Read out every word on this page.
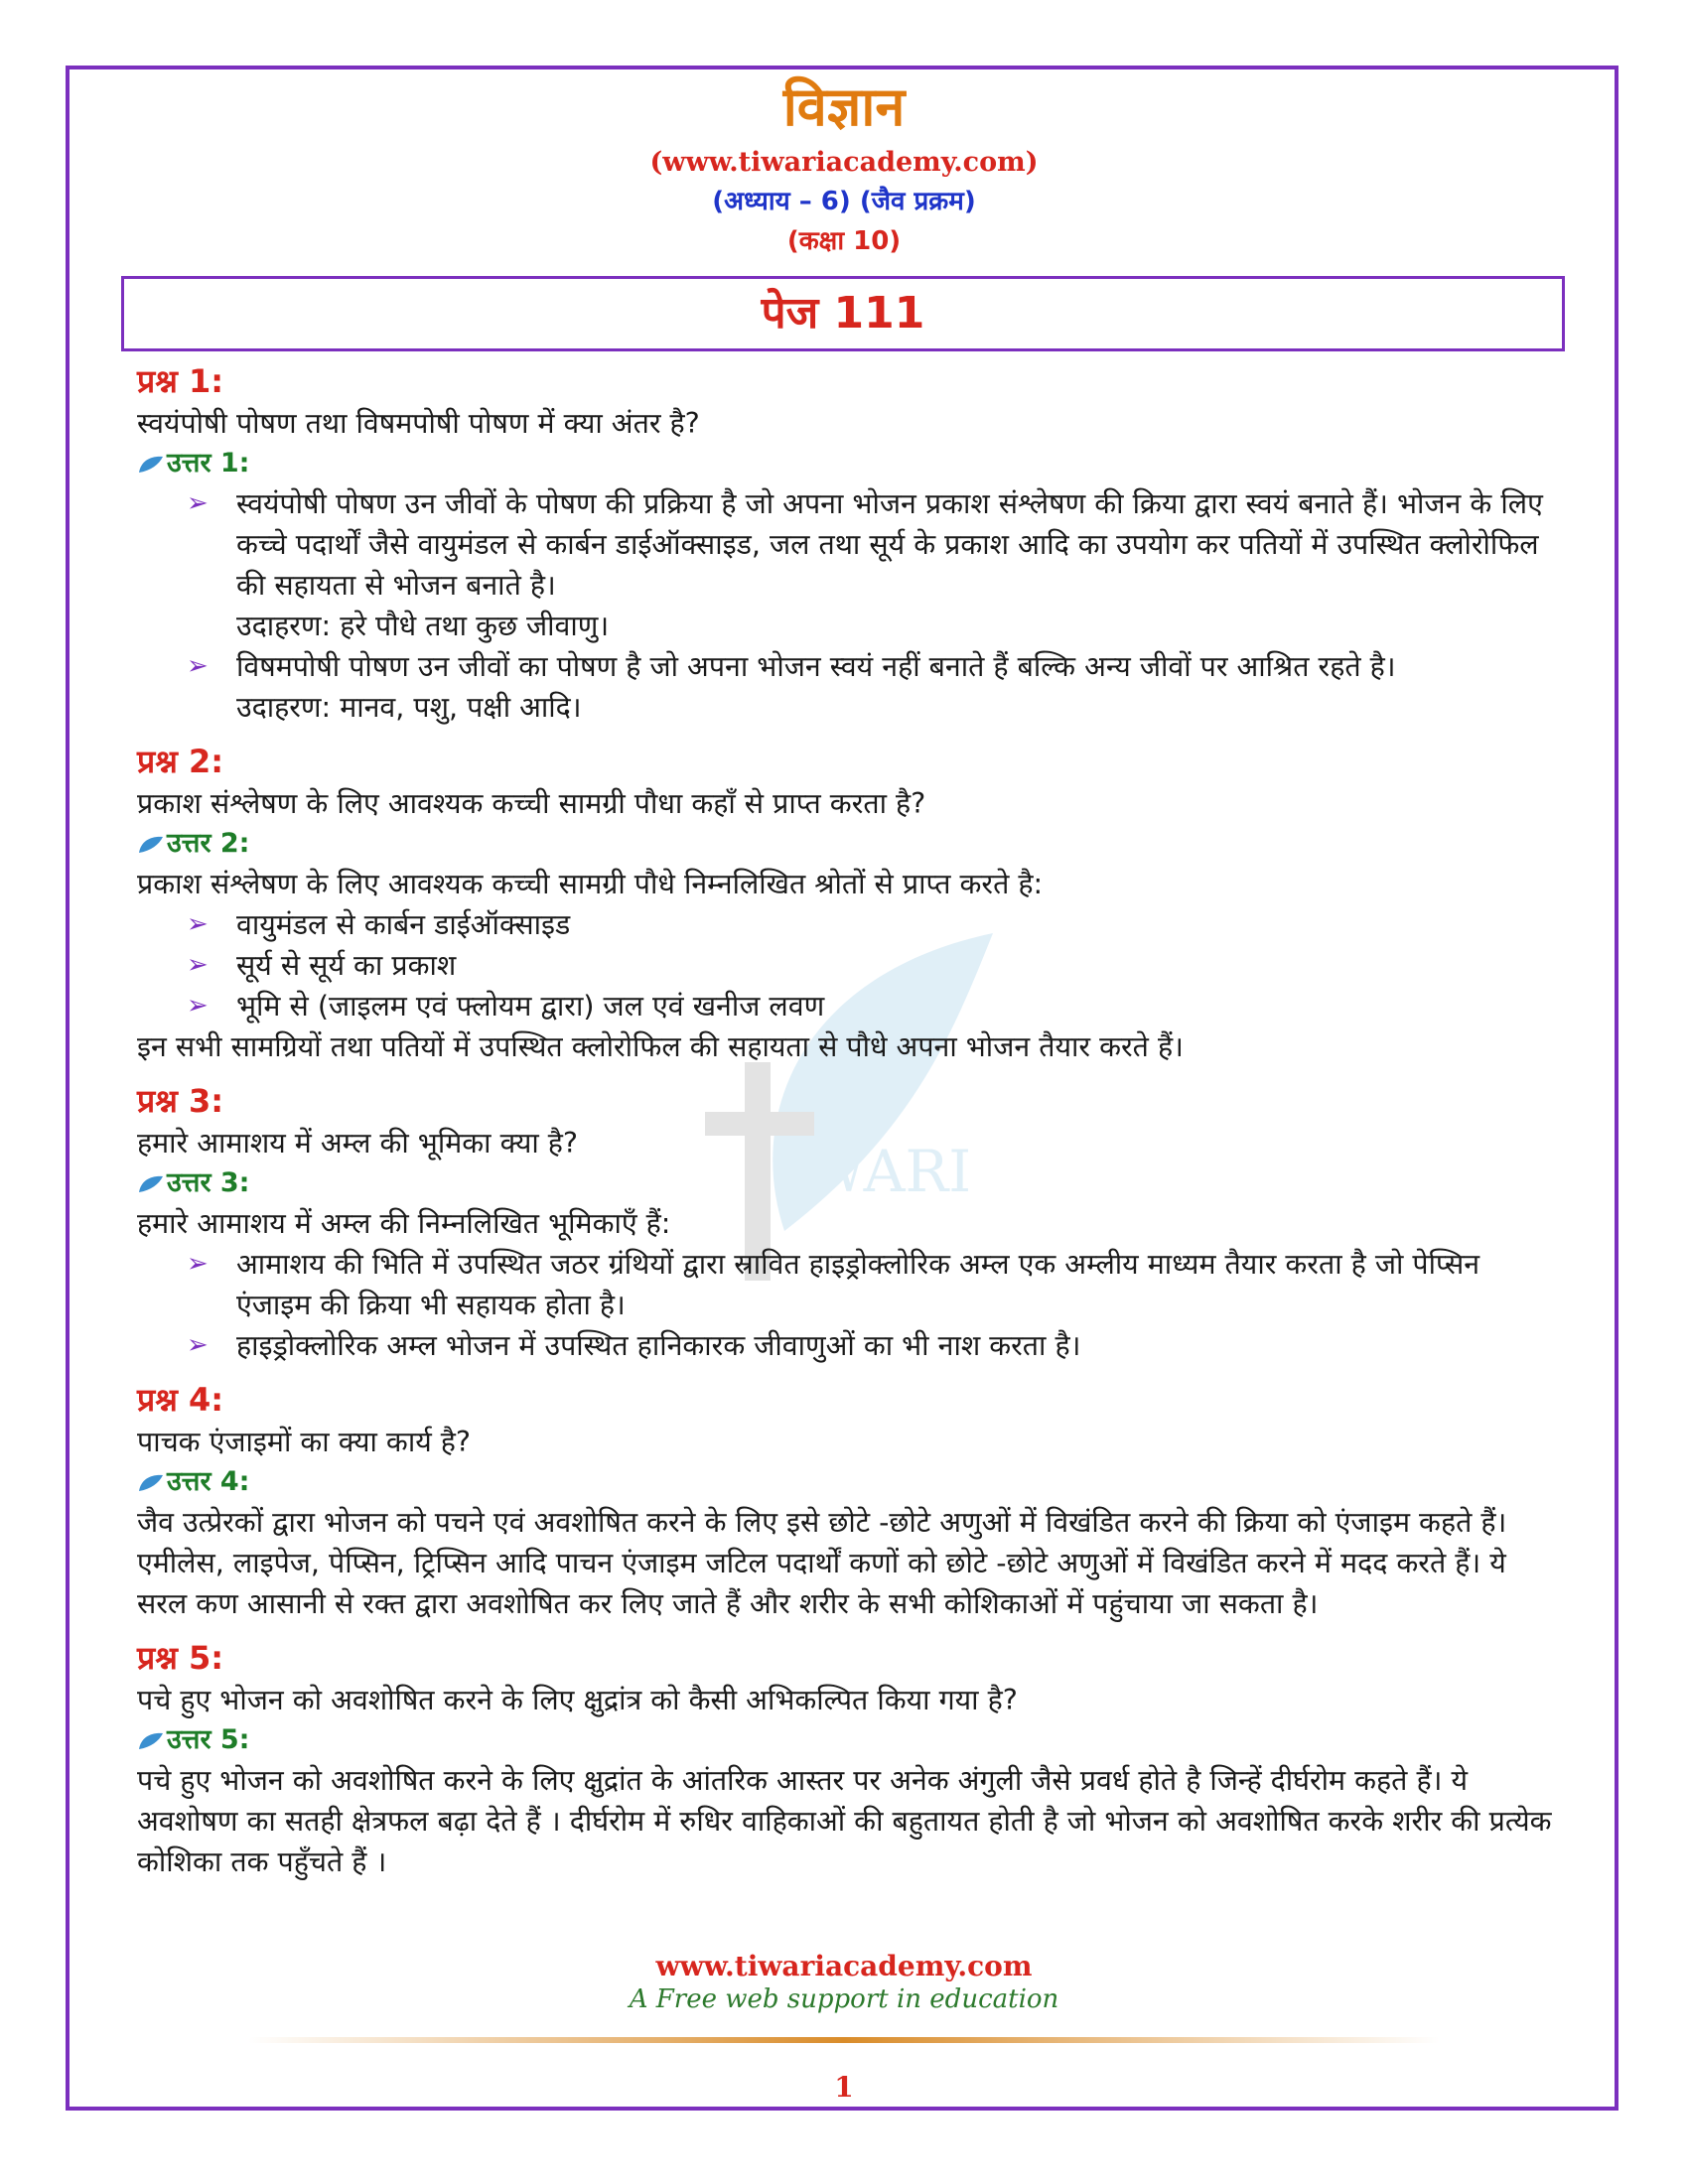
IWARI
विज्ञान
(www.tiwariacademy.com)
(अध्याय – 6) (जैव प्रक्रम)
(कक्षा 10)
पेज 111
प्रश्न 1:
स्वयंपोषी पोषण तथा विषमपोषी पोषण में क्या अंतर है?
उत्तर 1:
➢ स्वयंपोषी पोषण उन जीवों के पोषण की प्रक्रिया है जो अपना भोजन प्रकाश संश्लेषण की क्रिया द्वारा स्वयं बनाते हैं। भोजन के लिए कच्चे पदार्थों जैसे वायुमंडल से कार्बन डाईऑक्साइड, जल तथा सूर्य के प्रकाश आदि का उपयोग कर पतियों में उपस्थित क्लोरोफिल की सहायता से भोजन बनाते है।
उदाहरण: हरे पौधे तथा कुछ जीवाणु।
➢ विषमपोषी पोषण उन जीवों का पोषण है जो अपना भोजन स्वयं नहीं बनाते हैं बल्कि अन्य जीवों पर आश्रित रहते है।
उदाहरण: मानव, पशु, पक्षी आदि।
प्रश्न 2:
प्रकाश संश्लेषण के लिए आवश्यक कच्ची सामग्री पौधा कहाँ से प्राप्त करता है?
उत्तर 2:
प्रकाश संश्लेषण के लिए आवश्यक कच्ची सामग्री पौधे निम्नलिखित श्रोतों से प्राप्त करते है:
➢ वायुमंडल से कार्बन डाईऑक्साइड
➢ सूर्य से सूर्य का प्रकाश
➢ भूमि से (जाइलम एवं फ्लोयम द्वारा) जल एवं खनीज लवण
इन सभी सामग्रियों तथा पतियों में उपस्थित क्लोरोफिल की सहायता से पौधे अपना भोजन तैयार करते हैं।
प्रश्न 3:
हमारे आमाशय में अम्ल की भूमिका क्या है?
उत्तर 3:
हमारे आमाशय में अम्ल की निम्नलिखित भूमिकाएँ हैं:
➢ आमाशय की भिति में उपस्थित जठर ग्रंथियों द्वारा स्रावित हाइड्रोक्लोरिक अम्ल एक अम्लीय माध्यम तैयार करता है जो पेप्सिन एंजाइम की क्रिया भी सहायक होता है।
➢ हाइड्रोक्लोरिक अम्ल भोजन में उपस्थित हानिकारक जीवाणुओं का भी नाश करता है।
प्रश्न 4:
पाचक एंजाइमों का क्या कार्य है?
उत्तर 4:
जैव उत्प्रेरकों द्वारा भोजन को पचने एवं अवशोषित करने के लिए इसे छोटे -छोटे अणुओं में विखंडित करने की क्रिया को एंजाइम कहते हैं। एमीलेस, लाइपेज, पेप्सिन, ट्रिप्सिन आदि पाचन एंजाइम जटिल पदार्थों कणों को छोटे -छोटे अणुओं में विखंडित करने में मदद करते हैं। ये सरल कण आसानी से रक्त द्वारा अवशोषित कर लिए जाते हैं और शरीर के सभी कोशिकाओं में पहुंचाया जा सकता है।
प्रश्न 5:
पचे हुए भोजन को अवशोषित करने के लिए क्षुद्रांत्र को कैसी अभिकल्पित किया गया है?
उत्तर 5:
पचे हुए भोजन को अवशोषित करने के लिए क्षुद्रांत के आंतरिक आस्तर पर अनेक अंगुली जैसे प्रवर्ध होते है जिन्हें दीर्घरोम कहते हैं। ये अवशोषण का सतही क्षेत्रफल बढ़ा देते हैं । दीर्घरोम में रुधिर वाहिकाओं की बहुतायत होती है जो भोजन को अवशोषित करके शरीर की प्रत्येक कोशिका तक पहुँचते हैं ।
www.tiwariacademy.com
A Free web support in education
1
